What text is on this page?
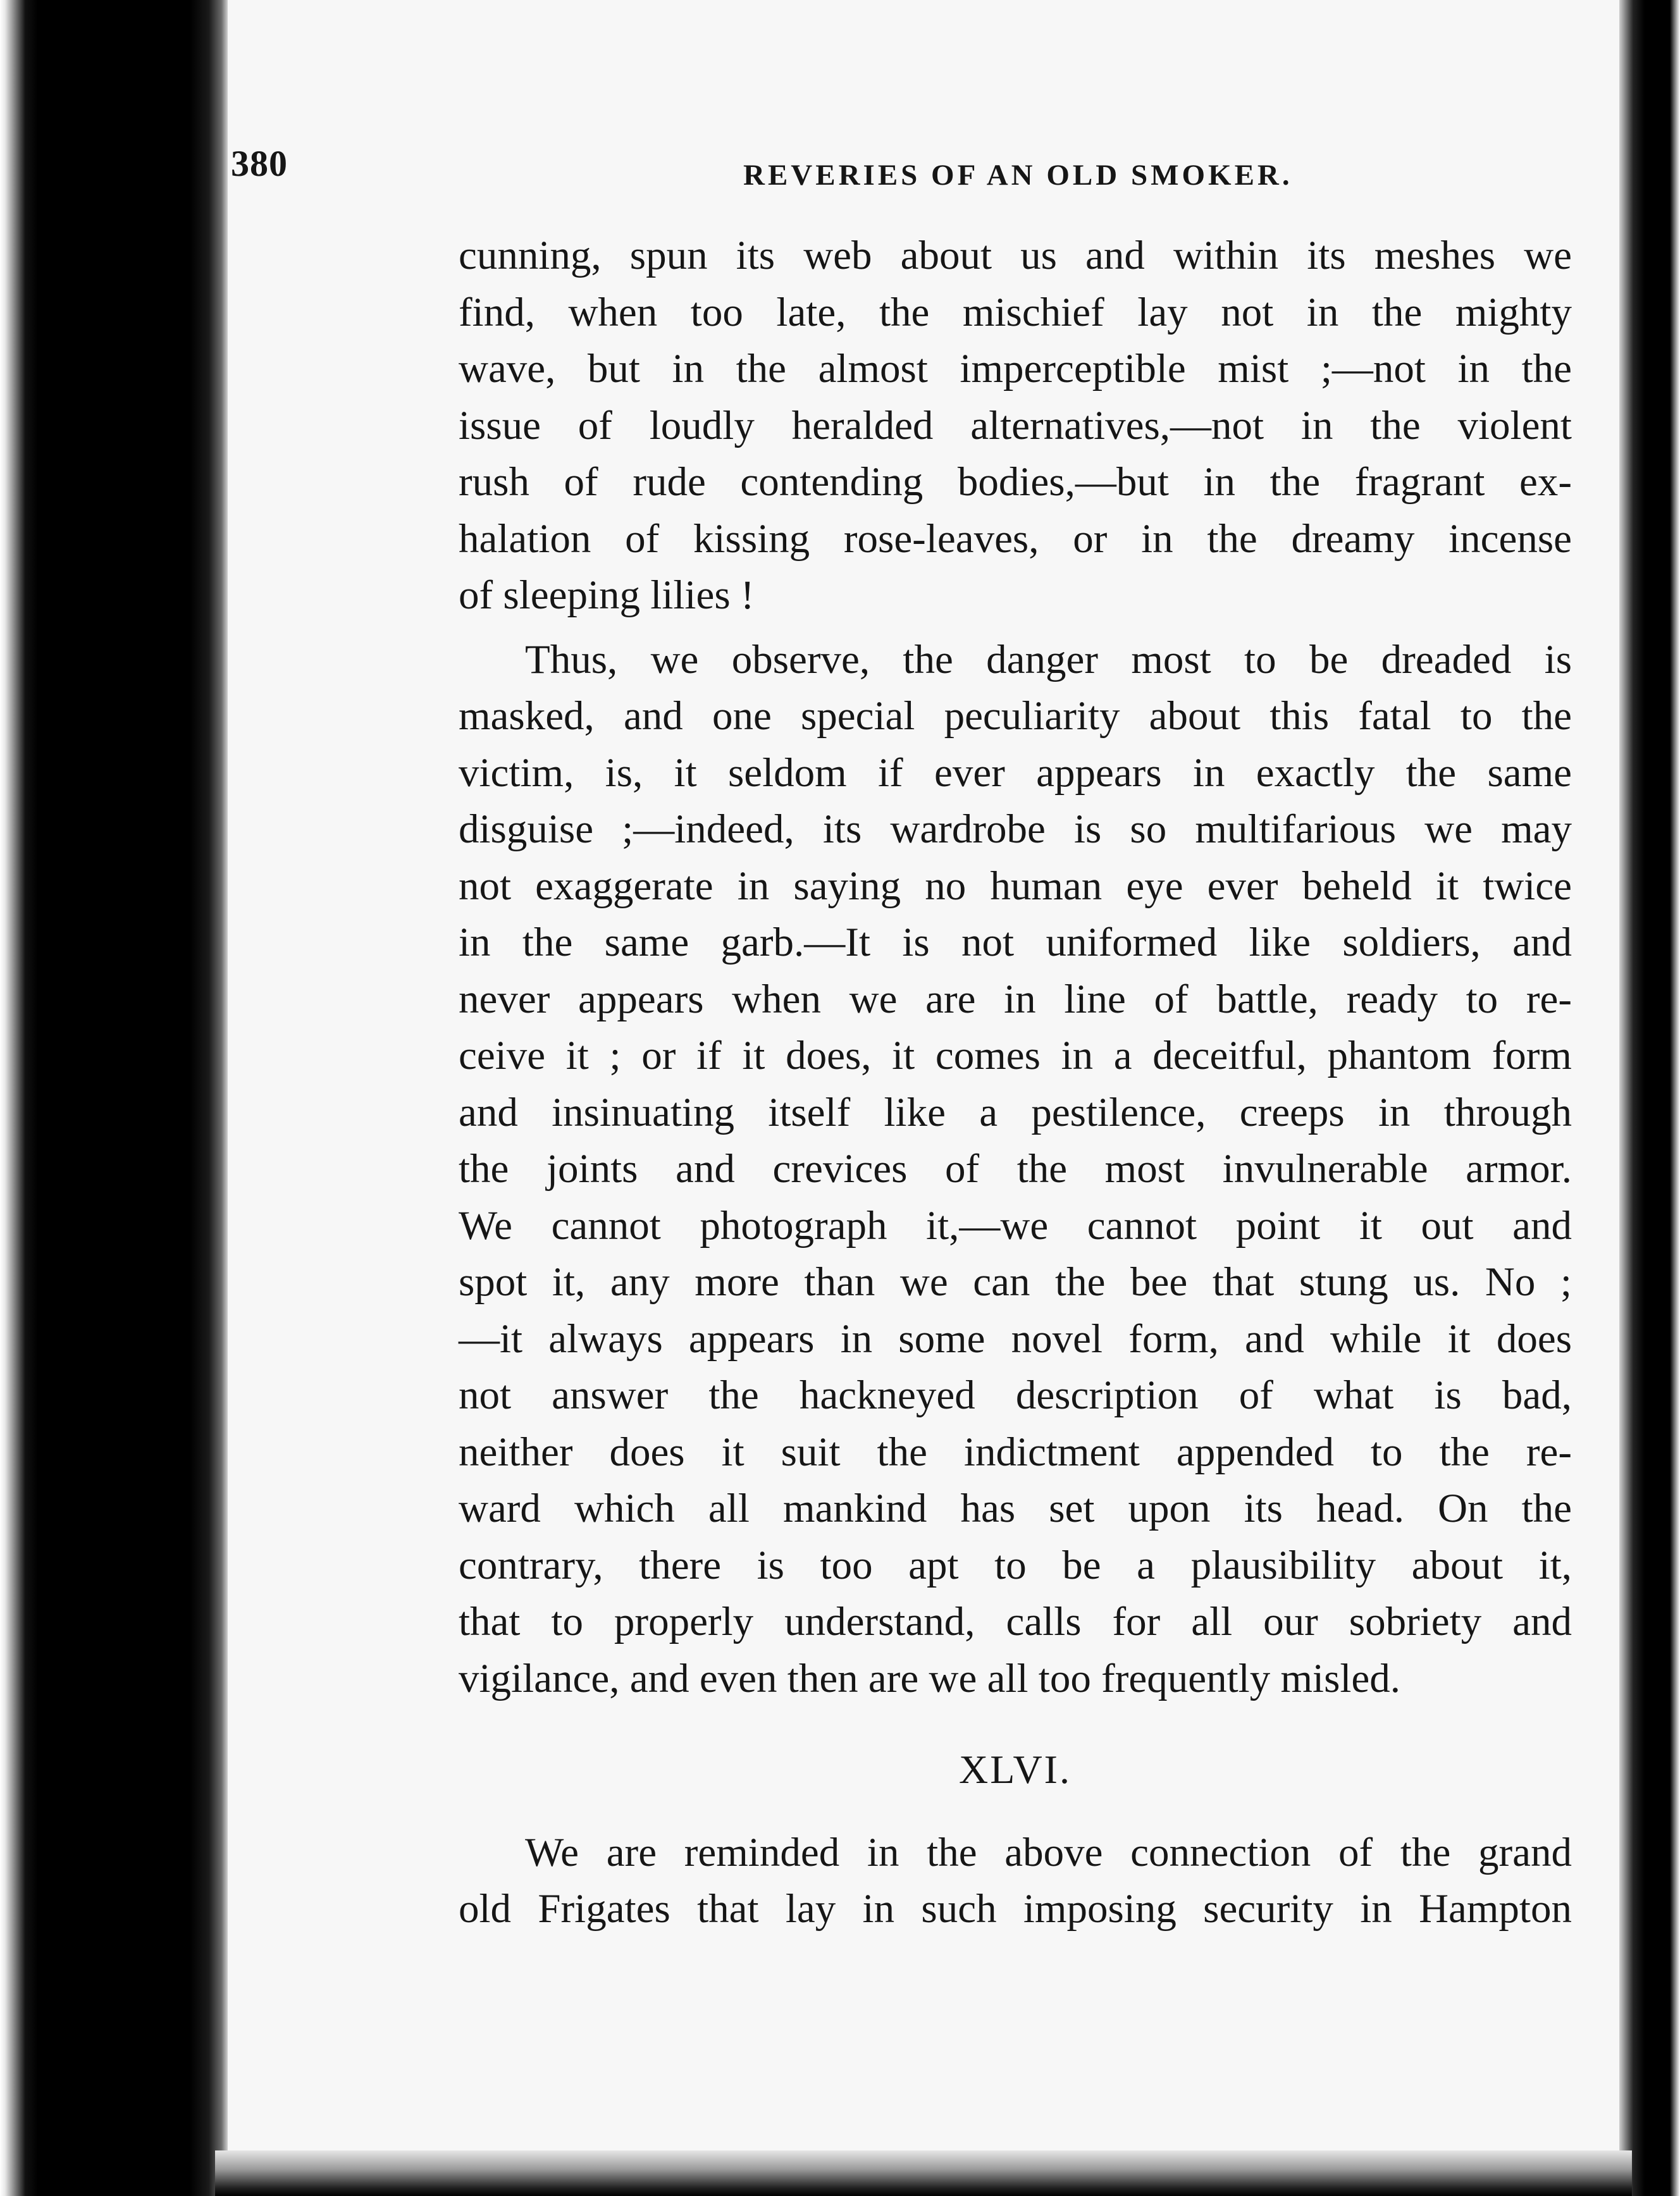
380	REVERIES OF AN OLD SMOKER.
cunning, spun its web about us and within its meshes we
find, when too late, the mischief lay not in the mighty
wave, but in the almost imperceptible mist ;—not in the
issue of loudly heralded alternatives,—not in the violent
rush of rude contending bodies,—but in the fragrant ex-
halation of kissing rose-leaves, or in the dreamy incense
of sleeping lilies !
Thus, we observe, the danger most to be dreaded is
masked, and one special peculiarity about this fatal to the
victim, is, it seldom if ever appears in exactly the same
disguise ;—indeed, its wardrobe is so multifarious we may
not exaggerate in saying no human eye ever beheld it twice
in the same garb.—It is not uniformed like soldiers, and
never appears when we are in line of battle, ready to re-
ceive it ; or if it does, it comes in a deceitful, phantom form
and insinuating itself like a pestilence, creeps in through
the joints and crevices of the most invulnerable armor.
We cannot photograph it,—we cannot point it out and
spot it, any more than we can the bee that stung us. No ;
—it always appears in some novel form, and while it does
not answer the hackneyed description of what is bad,
neither does it suit the indictment appended to the re-
ward which all mankind has set upon its head. On the
contrary, there is too apt to be a plausibility about it,
that to properly understand, calls for all our sobriety and
vigilance, and even then are we all too frequently misled.
XLVI.
We are reminded in the above connection of the grand
old Frigates that lay in such imposing security in Hampton
